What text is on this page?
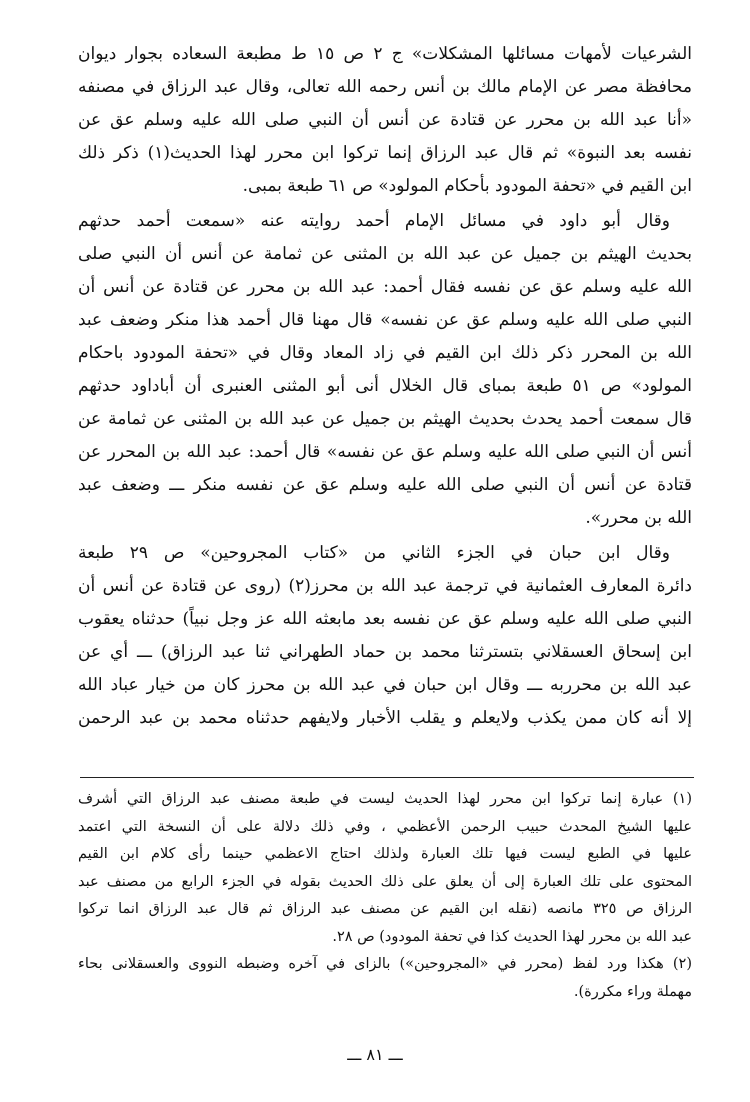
الشرعيات لأمهات مسائلها المشكلات» ج ٢ ص ١٥ ط مطبعة السعاده بجوار ديوان
محافظة مصر عن الإمام مالك بن أنس رحمه الله تعالى، وقال عبد الرزاق في مصنفه
«أنا عبد الله بن محرر عن قتادة عن أنس أن النبي صلى الله عليه وسلم عق عن
نفسه بعد النبوة» ثم قال عبد الرزاق إنما تركوا ابن محرر لهذا الحديث(١) ذكر ذلك
ابن القيم في «تحفة المودود بأحكام المولود» ص ٦١ طبعة بمبى.
وقال أبو داود في مسائل الإمام أحمد روايته عنه «سمعت أحمد حدثهم
بحديث الهيثم بن جميل عن عبد الله بن المثنى عن ثمامة عن أنس أن النبي صلى
الله عليه وسلم عق عن نفسه فقال أحمد: عبد الله بن محرر عن قتادة عن أنس أن
النبي صلى الله عليه وسلم عق عن نفسه» قال مهنا قال أحمد هذا منكر وضعف عبد
الله بن المحرر ذكر ذلك ابن القيم في زاد المعاد وقال في «تحفة المودود باحكام
المولود» ص ٥١ طبعة بمباى قال الخلال أنى أبو المثنى العنبرى أن أباداود حدثهم
قال سمعت أحمد يحدث بحديث الهيثم بن جميل عن عبد الله بن المثنى عن ثمامة عن
أنس أن النبي صلى الله عليه وسلم عق عن نفسه» قال أحمد: عبد الله بن المحرر عن
قتادة عن أنس أن النبي صلى الله عليه وسلم عق عن نفسه منكر ـــ وضعف عبد
الله بن محرر».
وقال ابن حبان في الجزء الثاني من «كتاب المجروحين» ص ٢٩ طبعة
دائرة المعارف العثمانية في ترجمة عبد الله بن محرز(٢) (روى عن قتادة عن أنس أن
النبي صلى الله عليه وسلم عق عن نفسه بعد مابعثه الله عز وجل نبياً) حدثناه يعقوب
ابن إسحاق العسقلاني بتسترثنا محمد بن حماد الطهراني ثنا عبد الرزاق) ـــ أي عن
عبد الله بن محرربه ـــ وقال ابن حبان في عبد الله بن محرز كان من خيار عباد الله
إلا أنه كان ممن يكذب ولايعلم و يقلب الأخبار ولايفهم حدثناه محمد بن عبد الرحمن
(١) عبارة إنما تركوا ابن محرر لهذا الحديث ليست في طبعة مصنف عبد الرزاق التي أشرف
عليها الشيخ المحدث حبيب الرحمن الأعظمي ، وفي ذلك دلالة على أن النسخة التي اعتمد
عليها في الطبع ليست فيها تلك العبارة ولذلك احتاج الاعظمي حينما رأى كلام ابن القيم
المحتوى على تلك العبارة إلى أن يعلق على ذلك الحديث بقوله في الجزء الرابع من مصنف عبد
الرزاق ص ٣٢٥ مانصه (نقله ابن القيم عن مصنف عبد الرزاق ثم قال عبد الرزاق انما تركوا
عبد الله بن محرر لهذا الحديث كذا في تحفة المودود) ص ٢٨.
(٢) هكذا ورد لفظ (محرر في «المجروحين») بالزاى في آخره وضبطه النووى والعسقلانى بحاء
مهملة وراء مكررة).
ـــ ٨١ ـــ
